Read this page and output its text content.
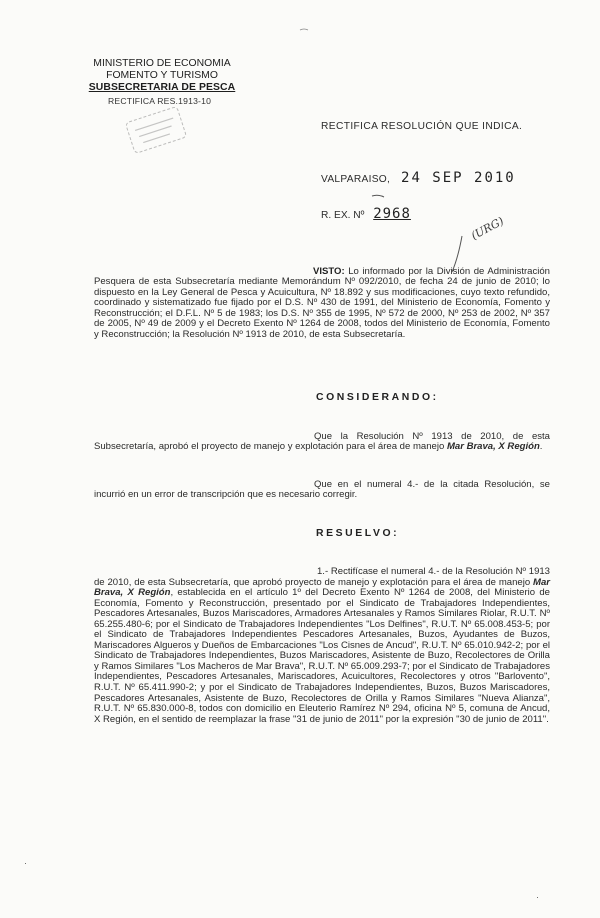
MINISTERIO DE ECONOMIA
FOMENTO Y TURISMO
SUBSECRETARIA DE PESCA
RECTIFICA RES.1913-10
RECTIFICA RESOLUCIÓN QUE INDICA.
VALPARAISO, 24 SEP 2010
R. EX. Nº 2968
(URG)
VISTO: Lo informado por la División de Administración Pesquera de esta Subsecretaría mediante Memorándum Nº 092/2010, de fecha 24 de junio de 2010; lo dispuesto en la Ley General de Pesca y Acuicultura, Nº 18.892 y sus modificaciones, cuyo texto refundido, coordinado y sistematizado fue fijado por el D.S. Nº 430 de 1991, del Ministerio de Economía, Fomento y Reconstrucción; el D.F.L. Nº 5 de 1983; los D.S. Nº 355 de 1995, Nº 572 de 2000, Nº 253 de 2002, Nº 357 de 2005, Nº 49 de 2009 y el Decreto Exento Nº 1264 de 2008, todos del Ministerio de Economía, Fomento y Reconstrucción; la Resolución Nº 1913 de 2010, de esta Subsecretaría.
CONSIDERANDO:
Que la Resolución Nº 1913 de 2010, de esta Subsecretaría, aprobó el proyecto de manejo y explotación para el área de manejo Mar Brava, X Región.
Que en el numeral 4.- de la citada Resolución, se incurrió en un error de transcripción que es necesario corregir.
RESUELVO:
1.- Rectifícase el numeral 4.- de la Resolución Nº 1913 de 2010, de esta Subsecretaría, que aprobó proyecto de manejo y explotación para el área de manejo Mar Brava, X Región, establecida en el artículo 1º del Decreto Exento Nº 1264 de 2008, del Ministerio de Economía, Fomento y Reconstrucción, presentado por el Sindicato de Trabajadores Independientes, Pescadores Artesanales, Buzos Mariscadores, Armadores Artesanales y Ramos Similares Riolar, R.U.T. Nº 65.255.480-6; por el Sindicato de Trabajadores Independientes "Los Delfines", R.U.T. Nº 65.008.453-5; por el Sindicato de Trabajadores Independientes Pescadores Artesanales, Buzos, Ayudantes de Buzos, Mariscadores Algueros y Dueños de Embarcaciones "Los Cisnes de Ancud", R.U.T. Nº 65.010.942-2; por el Sindicato de Trabajadores Independientes, Buzos Mariscadores, Asistente de Buzo, Recolectores de Orilla y Ramos Similares "Los Macheros de Mar Brava", R.U.T. Nº 65.009.293-7; por el Sindicato de Trabajadores Independientes, Pescadores Artesanales, Mariscadores, Acuicultores, Recolectores y otros "Barlovento", R.U.T. Nº 65.411.990-2; y por el Sindicato de Trabajadores Independientes, Buzos, Buzos Mariscadores, Pescadores Artesanales, Asistente de Buzo, Recolectores de Orilla y Ramos Similares "Nueva Alianza", R.U.T. Nº 65.830.000-8, todos con domicilio en Eleuterio Ramírez Nº 294, oficina Nº 5, comuna de Ancud, X Región, en el sentido de reemplazar la frase "31 de junio de 2011" por la expresión "30 de junio de 2011".
·
·
